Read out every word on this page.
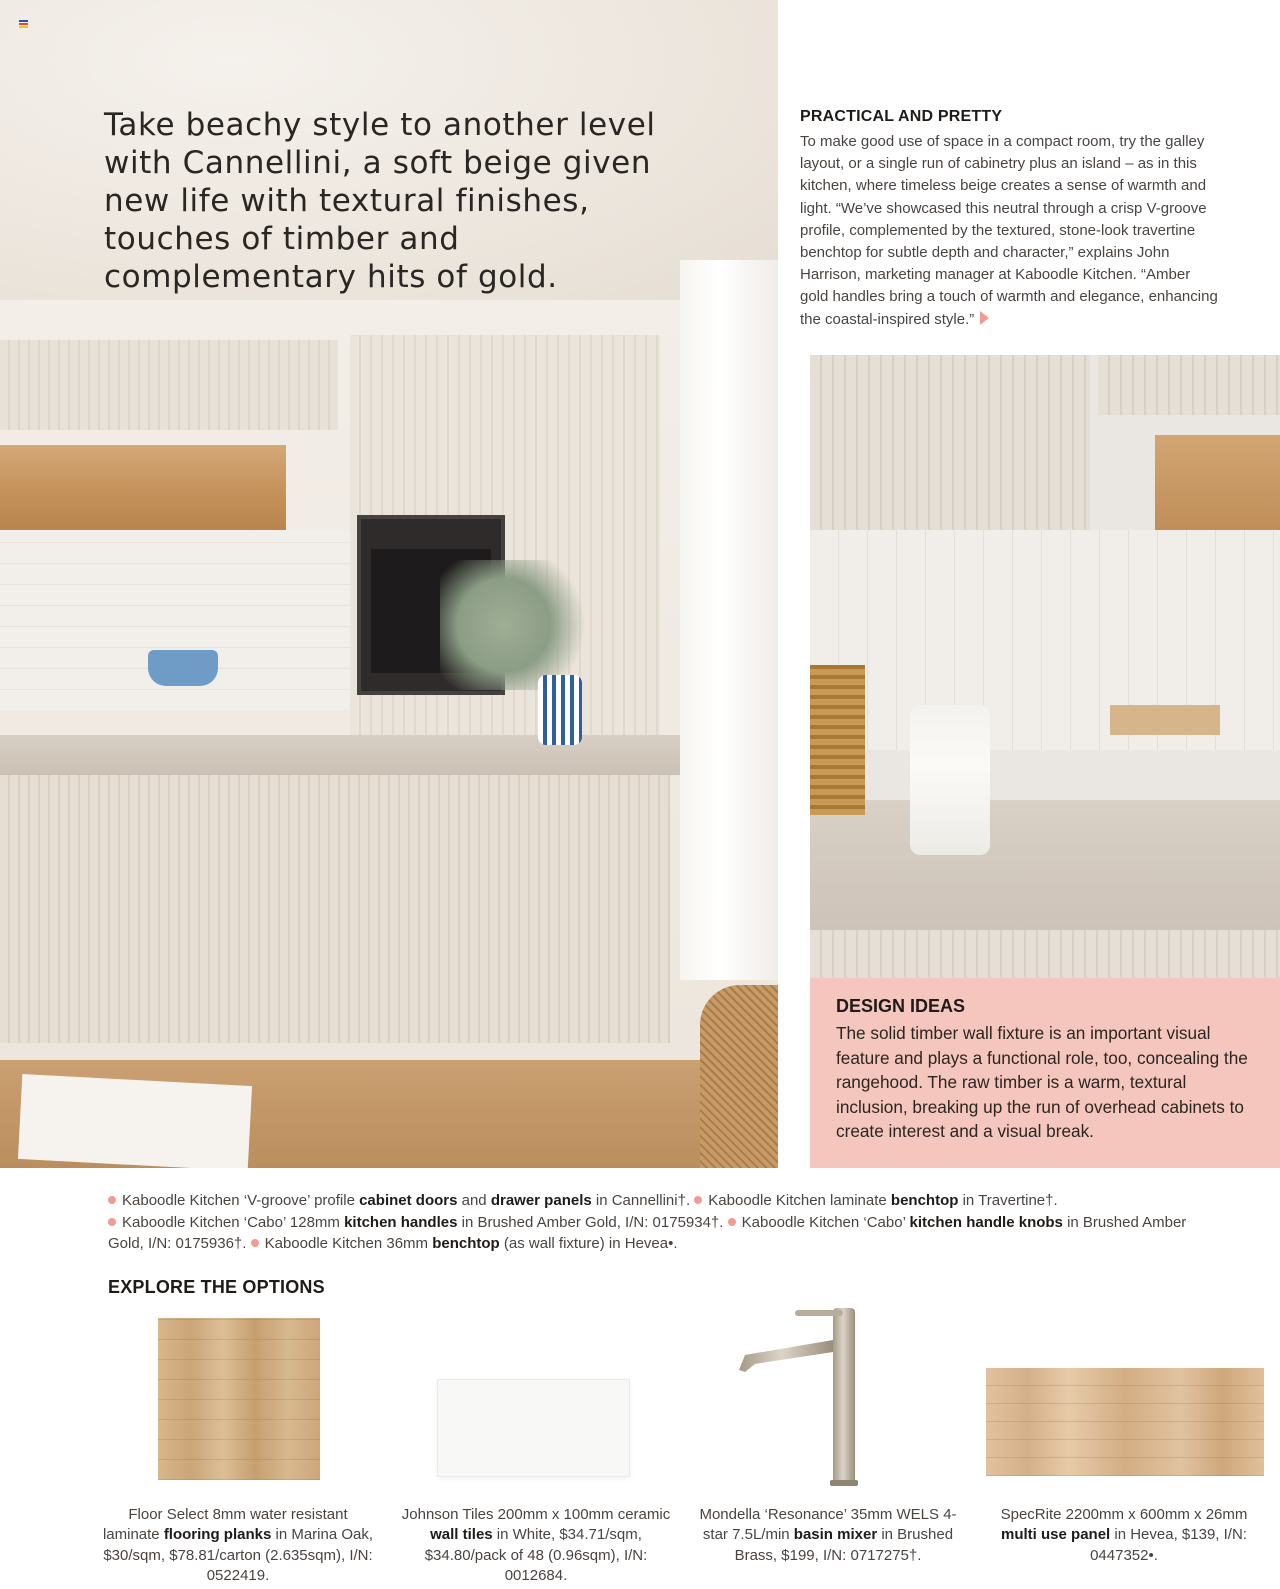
Take beachy style to another level with Cannellini, a soft beige given new life with textural finishes, touches of timber and complementary hits of gold.
PRACTICAL AND PRETTY

To make good use of space in a compact room, try the galley layout, or a single run of cabinetry plus an island – as in this kitchen, where timeless beige creates a sense of warmth and light. “We’ve showcased this neutral through a crisp V-groove profile, complemented by the textured, stone-look travertine benchtop for subtle depth and character,” explains John Harrison, marketing manager at Kaboodle Kitchen. “Amber gold handles bring a touch of warmth and elegance, enhancing the coastal-inspired style.”

DESIGN IDEAS

The solid timber wall fixture is an important visual feature and plays a functional role, too, concealing the rangehood. The raw timber is a warm, textural inclusion, breaking up the run of overhead cabinets to create interest and a visual break.

Kaboodle Kitchen ‘V-groove’ profile cabinet doors and drawer panels in Cannellini†. Kaboodle Kitchen laminate benchtop in Travertine†.
Kaboodle Kitchen ‘Cabo’ 128mm kitchen handles in Brushed Amber Gold, I/N: 0175934†. Kaboodle Kitchen ‘Cabo’ kitchen handle knobs in Brushed Amber Gold, I/N: 0175936†. Kaboodle Kitchen 36mm benchtop (as wall fixture) in Hevea•.
EXPLORE THE OPTIONS
Floor Select 8mm water resistant laminate flooring planks in Marina Oak, $30/sqm, $78.81/carton (2.635sqm), I/N: 0522419.
Johnson Tiles 200mm x 100mm ceramic wall tiles in White, $34.71/sqm, $34.80/pack of 48 (0.96sqm), I/N: 0012684.
Mondella ‘Resonance’ 35mm WELS 4-star 7.5L/min basin mixer in Brushed Brass, $199, I/N: 0717275†.
SpecRite 2200mm x 600mm x 26mm multi use panel in Hevea, $139, I/N: 0447352•.
